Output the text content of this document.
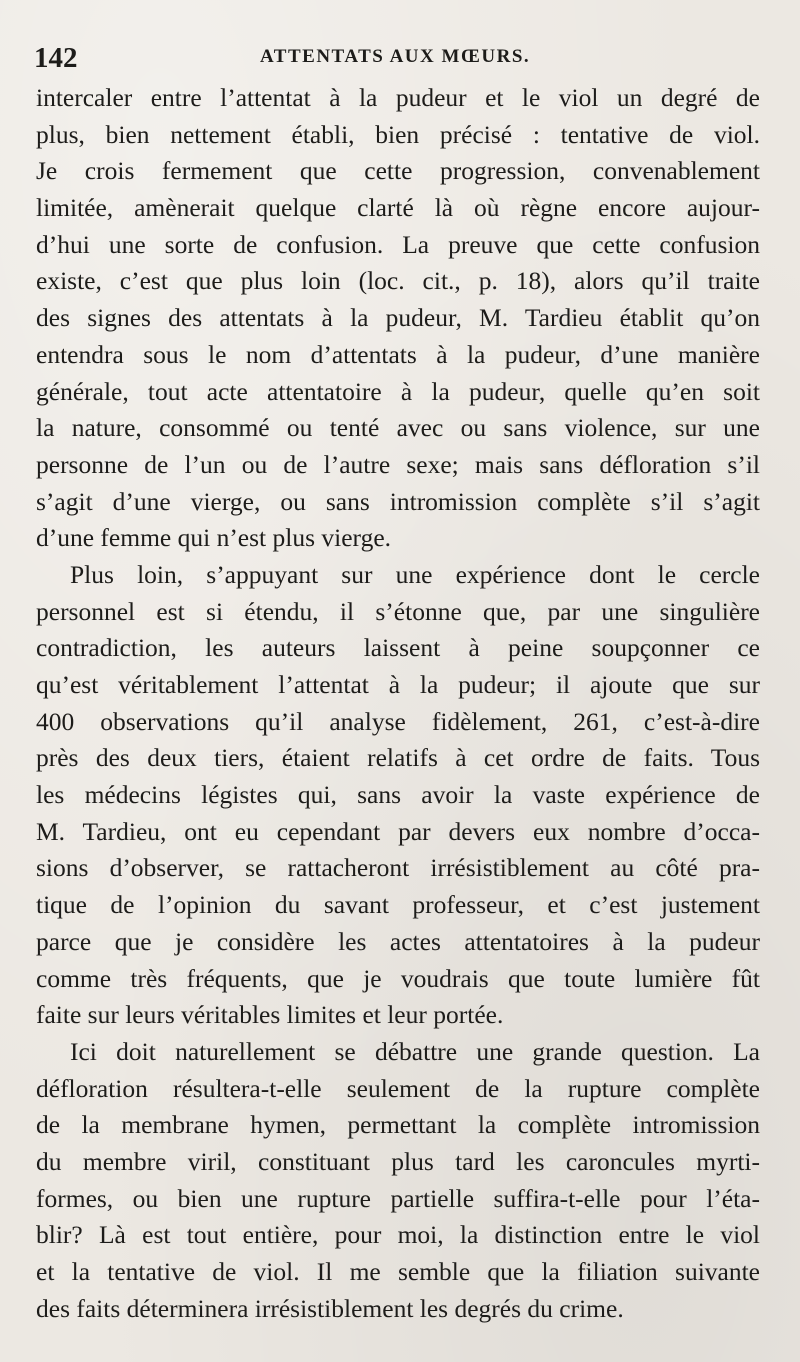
142	ATTENTATS AUX MŒURS.
intercaler entre l’attentat à la pudeur et le viol un degré de
plus, bien nettement établi, bien précisé : tentative de viol.
Je crois fermement que cette progression, convenablement
limitée, amènerait quelque clarté là où règne encore aujour-
d’hui une sorte de confusion. La preuve que cette confusion
existe, c’est que plus loin (loc. cit., p. 18), alors qu’il traite
des signes des attentats à la pudeur, M. Tardieu établit qu’on
entendra sous le nom d’attentats à la pudeur, d’une manière
générale, tout acte attentatoire à la pudeur, quelle qu’en soit
la nature, consommé ou tenté avec ou sans violence, sur une
personne de l’un ou de l’autre sexe; mais sans défloration s’il
s’agit d’une vierge, ou sans intromission complète s’il s’agit
d’une femme qui n’est plus vierge.
Plus loin, s’appuyant sur une expérience dont le cercle
personnel est si étendu, il s’étonne que, par une singulière
contradiction, les auteurs laissent à peine soupçonner ce
qu’est véritablement l’attentat à la pudeur; il ajoute que sur
400 observations qu’il analyse fidèlement, 261, c’est-à-dire
près des deux tiers, étaient relatifs à cet ordre de faits. Tous
les médecins légistes qui, sans avoir la vaste expérience de
M. Tardieu, ont eu cependant par devers eux nombre d’occa-
sions d’observer, se rattacheront irrésistiblement au côté pra-
tique de l’opinion du savant professeur, et c’est justement
parce que je considère les actes attentatoires à la pudeur
comme très fréquents, que je voudrais que toute lumière fût
faite sur leurs véritables limites et leur portée.
Ici doit naturellement se débattre une grande question. La
défloration résultera-t-elle seulement de la rupture complète
de la membrane hymen, permettant la complète intromission
du membre viril, constituant plus tard les caroncules myrti-
formes, ou bien une rupture partielle suffira-t-elle pour l’éta-
blir? Là est tout entière, pour moi, la distinction entre le viol
et la tentative de viol. Il me semble que la filiation suivante
des faits déterminera irrésistiblement les degrés du crime.
